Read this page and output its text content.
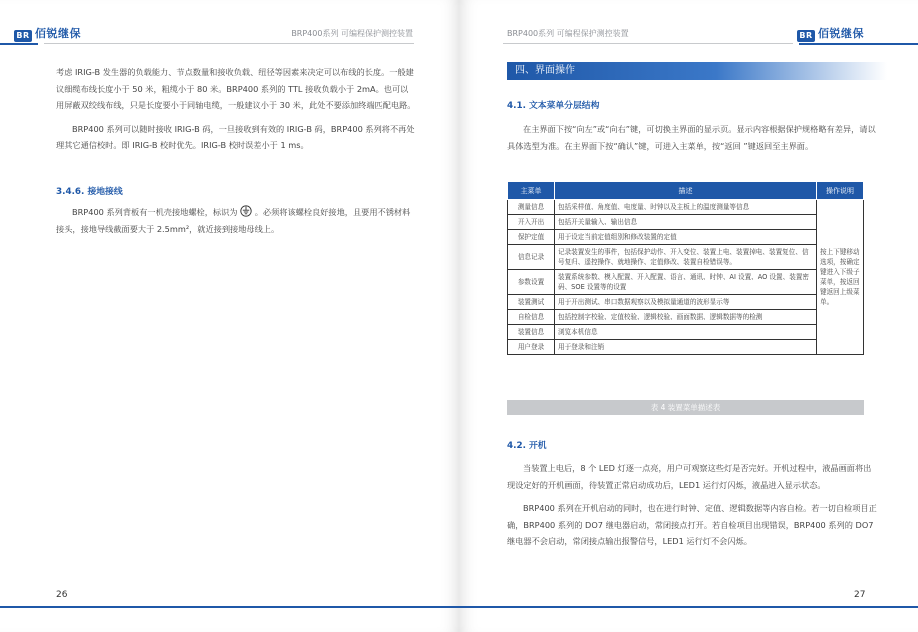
BR 佰锐继保	BRP400系列 可编程保护测控装置

考虑 IRIG-B 发生器的负载能力、节点数量和接收负载、纽径等因素来决定可以布线的长度。一般建议细缆布线长度小于 50 米，粗缆小于 80 米。BRP400 系列的 TTL 接收负载小于 2mA。也可以用屏蔽双绞线布线，只是长度要小于同轴电缆，一般建议小于 30 米，此处不要添加终端匹配电路。

BRP400 系列可以随时接收 IRIG-B 码，一旦接收到有效的 IRIG-B 码，BRP400 系列将不再处理其它通信校时。即 IRIG-B 校时优先。IRIG-B 校时误差小于 1 ms。

3.4.6. 接地接线
BRP400 系列背板有一机壳接地螺栓，标识为 。必须将该螺栓良好接地，且要用不锈材料接头，接地导线截面要大于 2.5mm²，就近接到接地母线上。
26
BRP400系列 可编程保护测控装置	BR 佰锐继保
四、界面操作
4.1. 文本菜单分层结构
在主界面下按“向左”或“向右”键，可切换主界面的显示页。显示内容根据保护规格略有差异，请以具体选型为准。在主界面下按“确认”键，可进入主菜单，按“返回 ”键返回至主界面。
主菜单	描述	操作说明
测量信息	包括采样值、角度值、电度量、时钟以及主板上的温度测量等信息	按上下键移动选项，按确定键进入下级子菜单，按返回键返回上级菜单。
开入开出	包括开关量输入、输出信息	
保护定值	用于设定当前定值组别和修改装置的定值	
信息记录	记录装置发生的事件，包括保护动作、开入变位、装置上电、装置掉电、装置复位、信号复归、遥控操作、就地操作、定值修改、装置自检错误等。	
参数设置	装置系统参数、模入配置、开入配置、语言、通讯、时钟、AI 设置、AO 设置、装置密码、SOE 设置等的设置	
装置测试	用于开出测试、串口数据观察以及模拟量通道的波形显示等	
自检信息	包括控制字校验、定值校验、逻辑校验、画面数据、逻辑数据等的检测	
装置信息	浏览本机信息	
用户登录	用于登录和注销	
表 4 装置菜单描述表
4.2. 开机

当装置上电后，8 个 LED 灯逐一点亮，用户可观察这些灯是否完好。开机过程中，液晶画面将出现设定好的开机画面，待装置正常启动成功后，LED1 运行灯闪烁，液晶进入显示状态。

BRP400 系列在开机启动的同时，也在进行时钟、定值、逻辑数据等内容自检。若一切自检项目正确，BRP400 系列的 DO7 继电器启动，常闭接点打开。若自检项目出现错误，BRP400 系列的 DO7 继电器不会启动，常闭接点输出报警信号，LED1 运行灯不会闪烁。

27
